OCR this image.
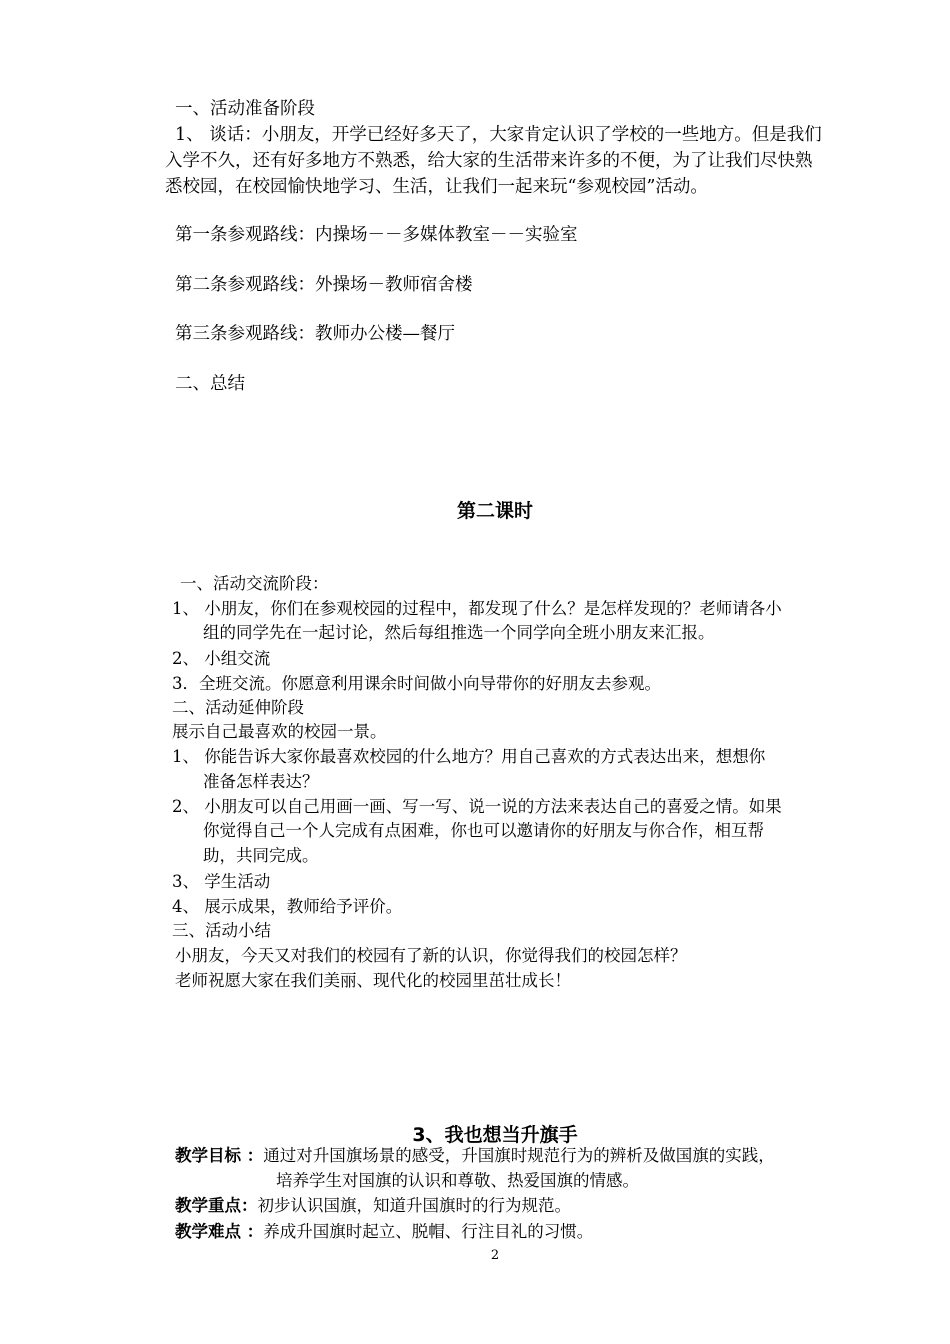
一、活动准备阶段
1、 谈话：小朋友，开学已经好多天了，大家肯定认识了学校的一些地方。但是我们
入学不久，还有好多地方不熟悉，给大家的生活带来许多的不便，为了让我们尽快熟
悉校园，在校园愉快地学习、生活，让我们一起来玩“参观校园”活动。
第一条参观路线：内操场－－多媒体教室－－实验室
第二条参观路线：外操场－教师宿舍楼
第三条参观路线：教师办公楼—餐厅
二、总结
第二课时
一、活动交流阶段：
1、 小朋友，你们在参观校园的过程中，都发现了什么？是怎样发现的？老师请各小
组的同学先在一起讨论，然后每组推选一个同学向全班小朋友来汇报。
2、 小组交流
3．全班交流。你愿意利用课余时间做小向导带你的好朋友去参观。
二、活动延伸阶段
展示自己最喜欢的校园一景。
1、 你能告诉大家你最喜欢校园的什么地方？用自己喜欢的方式表达出来，想想你
准备怎样表达？
2、 小朋友可以自己用画一画、写一写、说一说的方法来表达自己的喜爱之情。如果
你觉得自己一个人完成有点困难，你也可以邀请你的好朋友与你合作，相互帮
助，共同完成。
3、 学生活动
4、 展示成果，教师给予评价。
三、活动小结
小朋友，今天又对我们的校园有了新的认识，你觉得我们的校园怎样？
老师祝愿大家在我们美丽、现代化的校园里茁壮成长！
3、我也想当升旗手
教学目标 ：通过对升国旗场景的感受，升国旗时规范行为的辨析及做国旗的实践，
培养学生对国旗的认识和尊敬、热爱国旗的情感。
教学重点：初步认识国旗，知道升国旗时的行为规范。
教学难点 ：养成升国旗时起立、脱帽、行注目礼的习惯。
2
